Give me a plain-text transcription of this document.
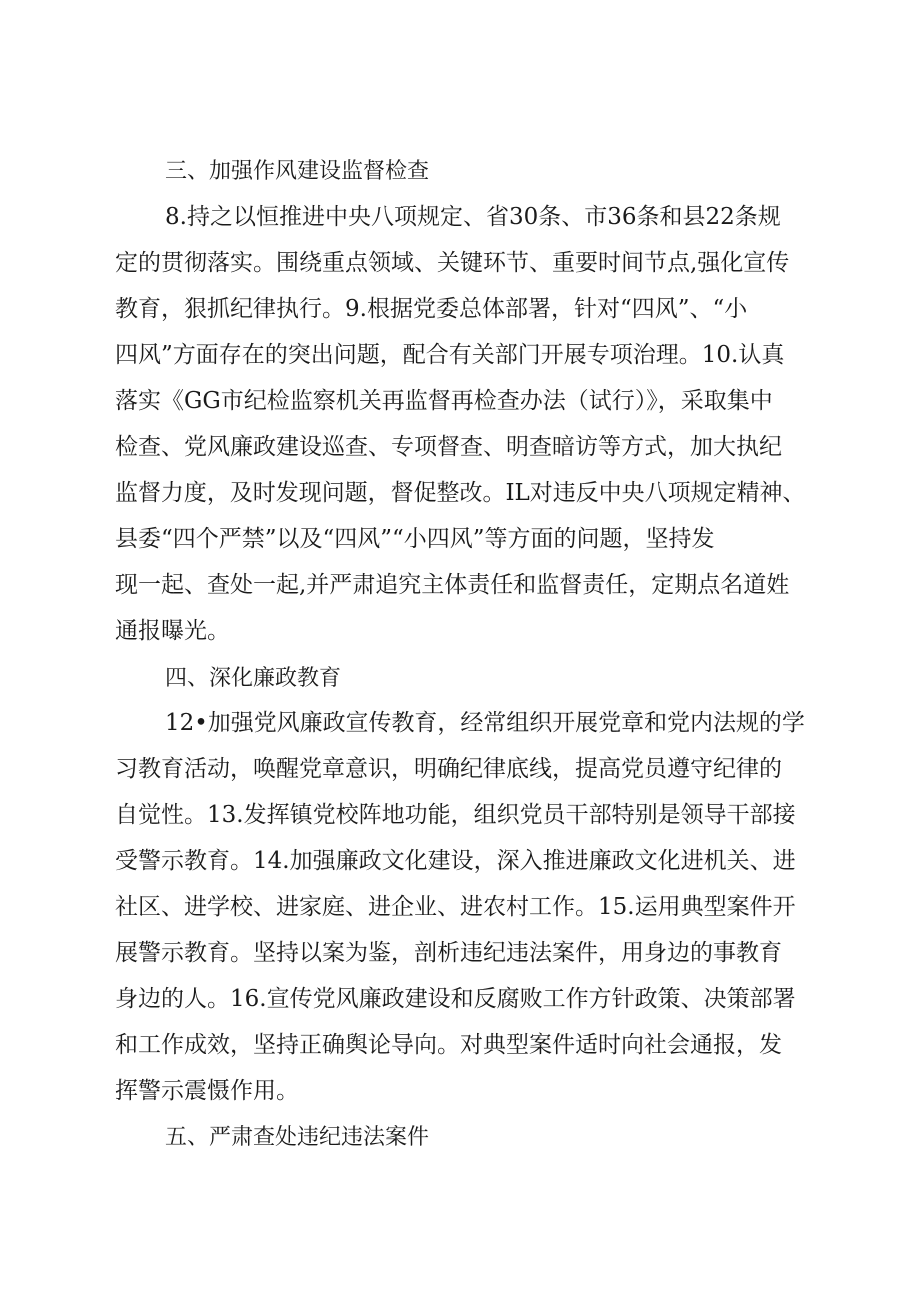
三、加强作风建设监督检查
8.持之以恒推进中央八项规定、省30条、市36条和县22条规
定的贯彻落实。围绕重点领域、关键环节、重要时间节点,强化宣传
教育，狠抓纪律执行。9.根据党委总体部署，针对“四风”、“小
四风”方面存在的突出问题，配合有关部门开展专项治理。10.认真
落实《GG市纪检监察机关再监督再检查办法（试行）》，采取集中
检查、党风廉政建设巡查、专项督查、明查暗访等方式，加大执纪
监督力度，及时发现问题，督促整改。IL对违反中央八项规定精神、
县委“四个严禁”以及“四风”“小四风”等方面的问题，坚持发
现一起、查处一起,并严肃追究主体责任和监督责任，定期点名道姓
通报曝光。
四、深化廉政教育
12•加强党风廉政宣传教育，经常组织开展党章和党内法规的学
习教育活动，唤醒党章意识，明确纪律底线，提高党员遵守纪律的
自觉性。13.发挥镇党校阵地功能，组织党员干部特别是领导干部接
受警示教育。14.加强廉政文化建设，深入推进廉政文化进机关、进
社区、进学校、进家庭、进企业、进农村工作。15.运用典型案件开
展警示教育。坚持以案为鉴，剖析违纪违法案件，用身边的事教育
身边的人。16.宣传党风廉政建设和反腐败工作方针政策、决策部署
和工作成效，坚持正确舆论导向。对典型案件适时向社会通报，发
挥警示震慑作用。
五、严肃查处违纪违法案件
